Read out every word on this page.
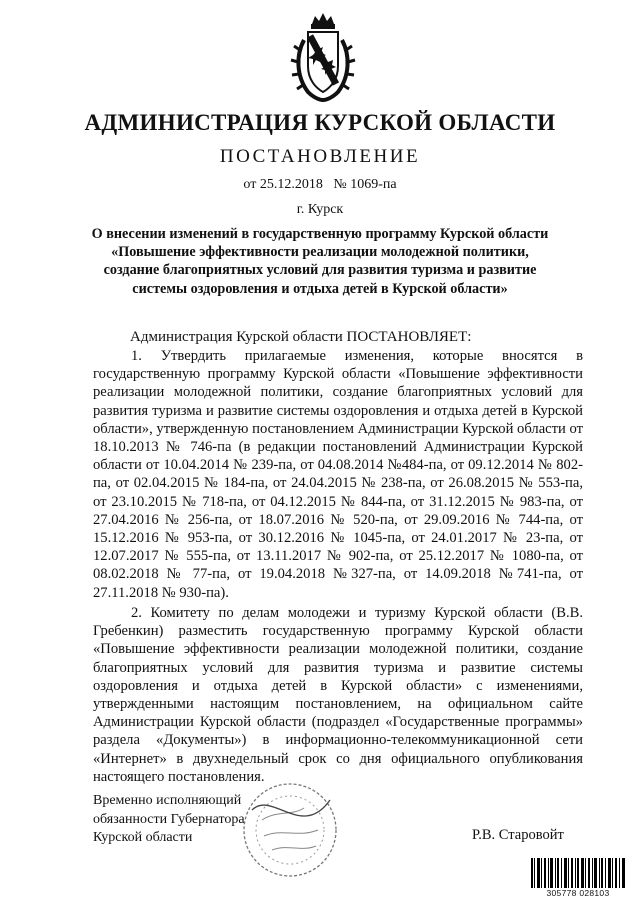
АДМИНИСТРАЦИЯ КУРСКОЙ ОБЛАСТИ
ПОСТАНОВЛЕНИЕ
от 25.12.2018 № 1069-па
г. Курск
О внесении изменений в государственную программу Курской области «Повышение эффективности реализации молодежной политики, создание благоприятных условий для развития туризма и развитие системы оздоровления и отдыха детей в Курской области»
Администрация Курской области ПОСТАНОВЛЯЕТ:
1. Утвердить прилагаемые изменения, которые вносятся в государственную программу Курской области «Повышение эффективности реализации молодежной политики, создание благоприятных условий для развития туризма и развитие системы оздоровления и отдыха детей в Курской области», утвержденную постановлением Администрации Курской области от 18.10.2013 № 746-па (в редакции постановлений Администрации Курской области от 10.04.2014 № 239-па, от 04.08.2014 №484-па, от 09.12.2014 № 802-па, от 02.04.2015 № 184-па, от 24.04.2015 № 238-па, от 26.08.2015 № 553-па, от 23.10.2015 № 718-па, от 04.12.2015 № 844-па, от 31.12.2015 № 983-па, от 27.04.2016 № 256-па, от 18.07.2016 № 520-па, от 29.09.2016 № 744-па, от 15.12.2016 № 953-па, от 30.12.2016 № 1045-па, от 24.01.2017 № 23-па, от 12.07.2017 № 555-па, от 13.11.2017 № 902-па, от 25.12.2017 № 1080-па, от 08.02.2018 № 77-па, от 19.04.2018 №327-па, от 14.09.2018 №741-па, от 27.11.2018 № 930-па).
2. Комитету по делам молодежи и туризму Курской области (В.В. Гребенкин) разместить государственную программу Курской области «Повышение эффективности реализации молодежной политики, создание благоприятных условий для развития туризма и развитие системы оздоровления и отдыха детей в Курской области» с изменениями, утвержденными настоящим постановлением, на официальном сайте Администрации Курской области (подраздел «Государственные программы» раздела «Документы») в информационно-телекоммуникационной сети «Интернет» в двухнедельный срок со дня официального опубликования настоящего постановления.
Временно исполняющий
обязанности Губернатора
Курской области	Р.В. Старовойт
305778 028103
